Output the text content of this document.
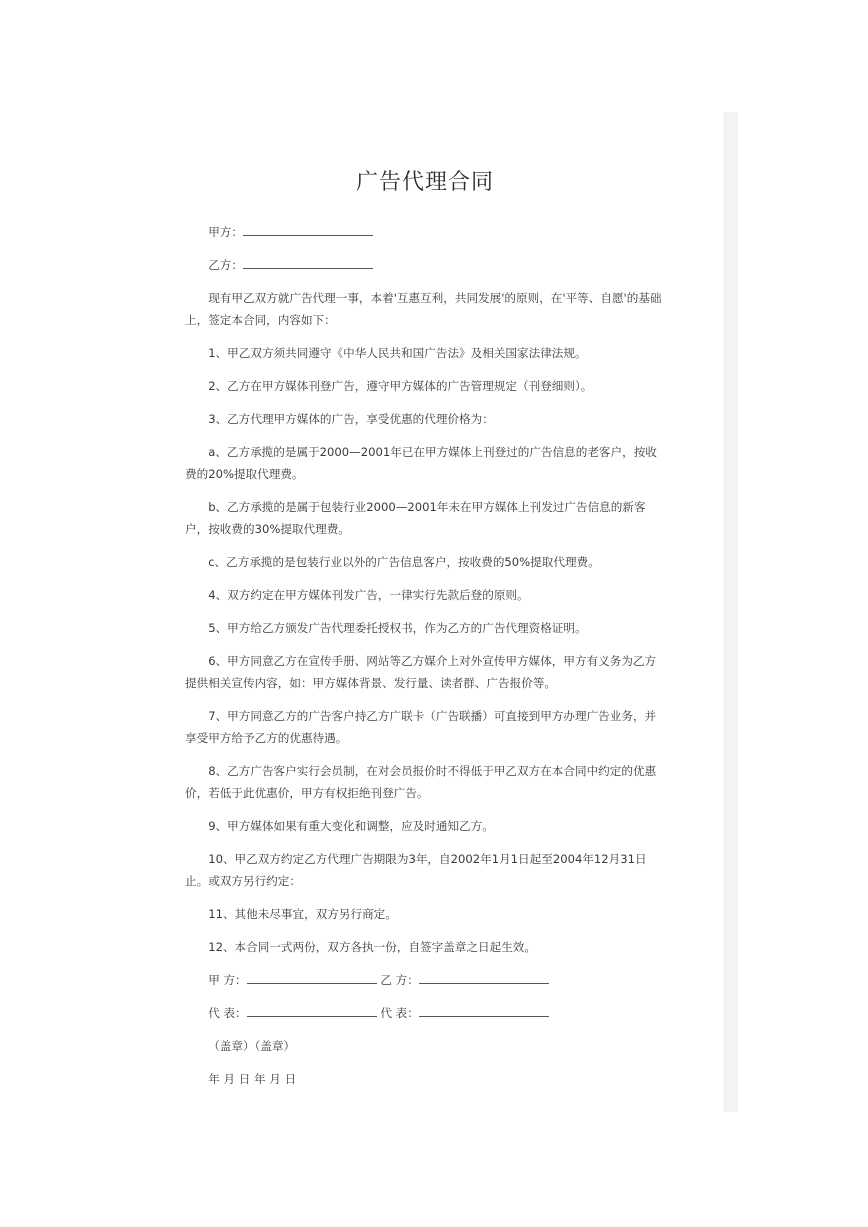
广告代理合同

甲方：

乙方：

现有甲乙双方就广告代理一事，本着'互惠互利，共同发展'的原则，在'平等、自愿'的基础上，签定本合同，内容如下：

1、甲乙双方须共同遵守《中华人民共和国广告法》及相关国家法律法规。

2、乙方在甲方媒体刊登广告，遵守甲方媒体的广告管理规定（刊登细则）。

3、乙方代理甲方媒体的广告，享受优惠的代理价格为：

a、乙方承揽的是属于2000—2001年已在甲方媒体上刊登过的广告信息的老客户，按收费的20%提取代理费。

b、乙方承揽的是属于包装行业2000—2001年未在甲方媒体上刊发过广告信息的新客户，按收费的30%提取代理费。

c、乙方承揽的是包装行业以外的广告信息客户，按收费的50%提取代理费。

4、双方约定在甲方媒体刊发广告，一律实行先款后登的原则。

5、甲方给乙方颁发广告代理委托授权书，作为乙方的广告代理资格证明。

6、甲方同意乙方在宣传手册、网站等乙方媒介上对外宣传甲方媒体，甲方有义务为乙方提供相关宣传内容，如：甲方媒体背景、发行量、读者群、广告报价等。

7、甲方同意乙方的广告客户持乙方广联卡（广告联播）可直接到甲方办理广告业务，并享受甲方给予乙方的优惠待遇。

8、乙方广告客户实行会员制，在对会员报价时不得低于甲乙双方在本合同中约定的优惠价，若低于此优惠价，甲方有权拒绝刊登广告。

9、甲方媒体如果有重大变化和调整，应及时通知乙方。

10、甲乙双方约定乙方代理广告期限为3年，自2002年1月1日起至2004年12月31日止。或双方另行约定：

11、其他未尽事宜，双方另行商定。

12、本合同一式两份，双方各执一份，自签字盖章之日起生效。

甲 方：	乙 方：

代 表：	代 表：

（盖章）（盖章）

年 月 日 年 月 日
